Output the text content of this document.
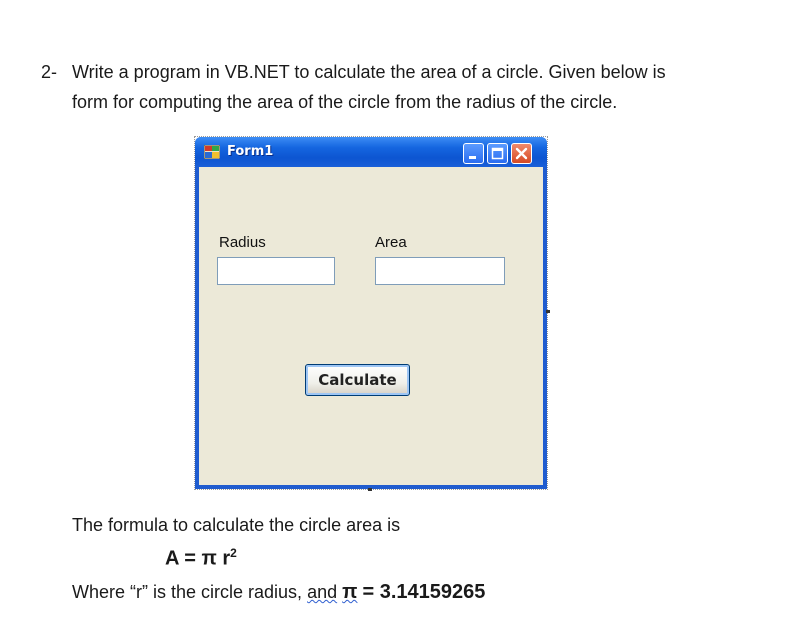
2- Write a program in VB.NET to calculate the area of a circle. Given below is
form for computing the area of the circle from the radius of the circle.
Form1
Radius	Area
Calculate
The formula to calculate the circle area is
A = π $r^2$
Where “r” is the circle radius, and π = 3.14159265
